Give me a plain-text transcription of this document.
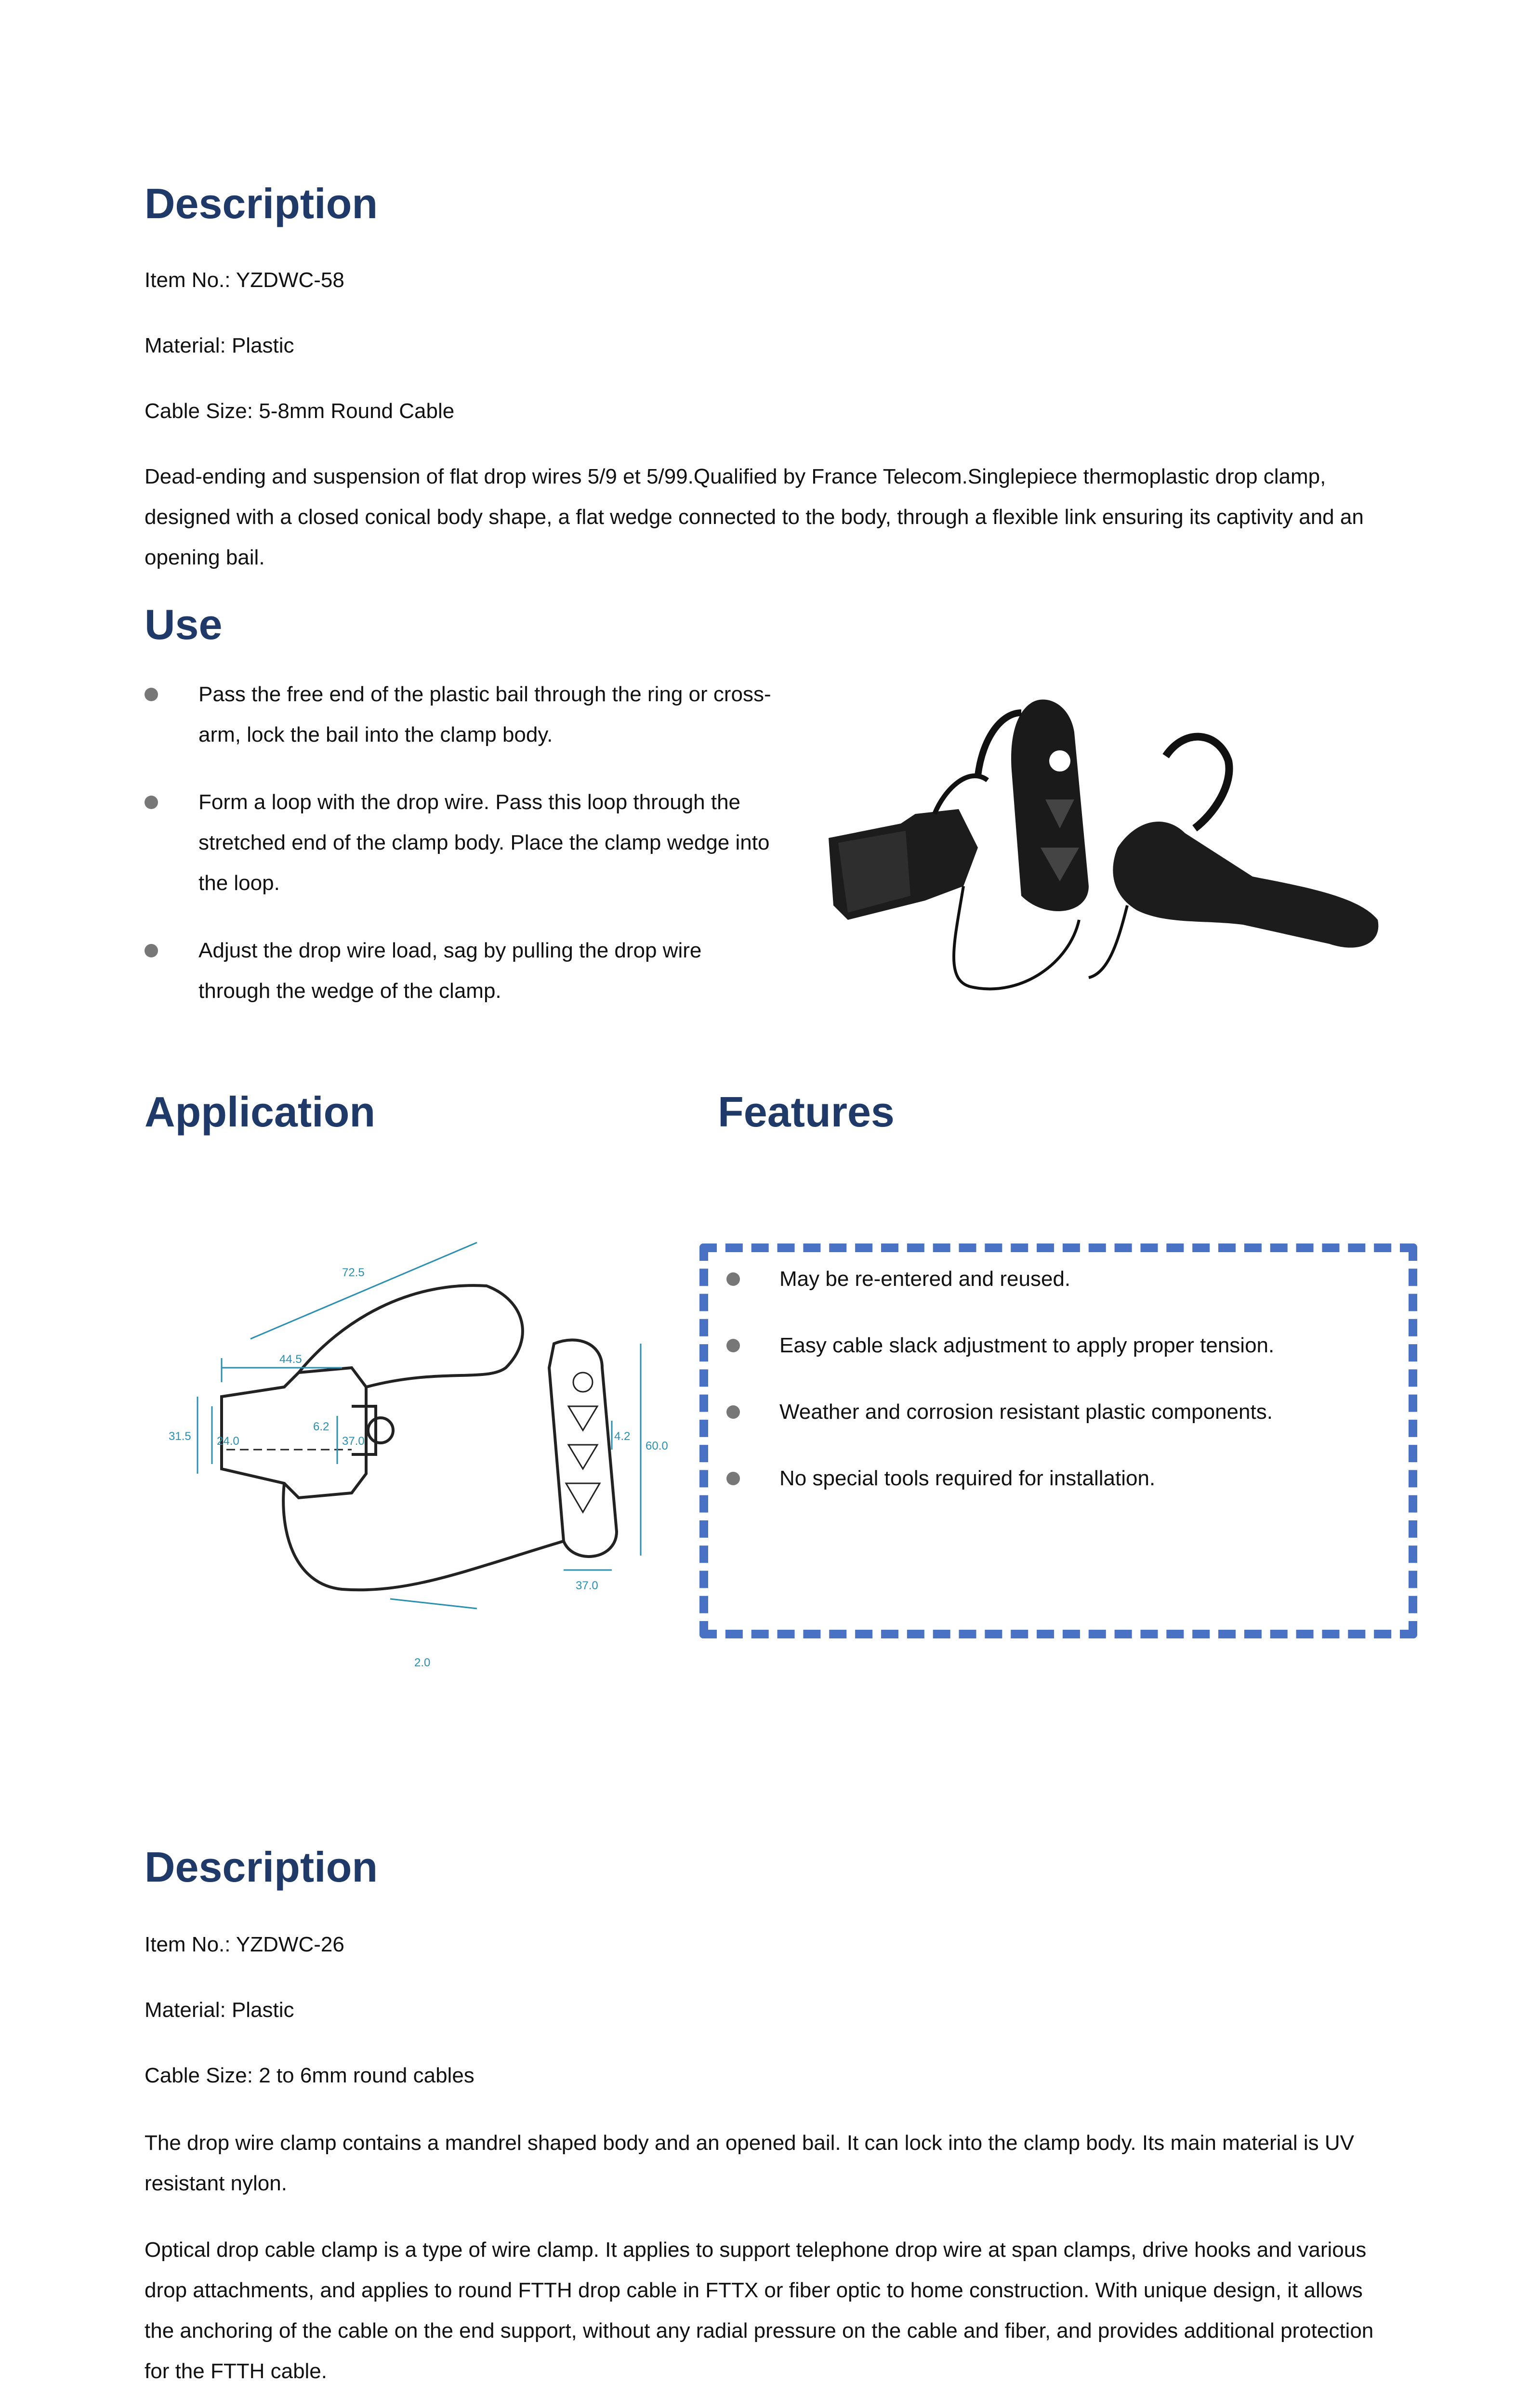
Description

Item No.: YZDWC-58

Material: Plastic

Cable Size: 5-8mm Round Cable

Dead-ending and suspension of flat drop wires 5/9 et 5/99.Qualified by France Telecom.Singlepiece thermoplastic drop clamp, designed with a closed conical body shape, a flat wedge connected to the body, through a flexible link ensuring its captivity and an opening bail.

Use
Pass the free end of the plastic bail through the ring or cross-arm, lock the bail into the clamp body.
Form a loop with the drop wire. Pass this loop through the stretched end of the clamp body. Place the clamp wedge into the loop.
Adjust the drop wire load, sag by pulling the drop wire through the wedge of the clamp.
Application	Features
72.5
44.5
31.5 24.0	37.0
6.2
60.0
4.2
37.0
2.0
May be re-entered and reused.
Easy cable slack adjustment to apply proper tension.
Weather and corrosion resistant plastic components.
No special tools required for installation.
Description

Item No.: YZDWC-26

Material: Plastic

Cable Size: 2 to 6mm round cables

The drop wire clamp contains a mandrel shaped body and an opened bail. It can lock into the clamp body. Its main material is UV resistant nylon.

Optical drop cable clamp is a type of wire clamp. It applies to support telephone drop wire at span clamps, drive hooks and various drop attachments, and applies to round FTTH drop cable in FTTX or fiber optic to home construction. With unique design, it allows the anchoring of the cable on the end support, without any radial pressure on the cable and fiber, and provides additional protection for the FTTH cable.
